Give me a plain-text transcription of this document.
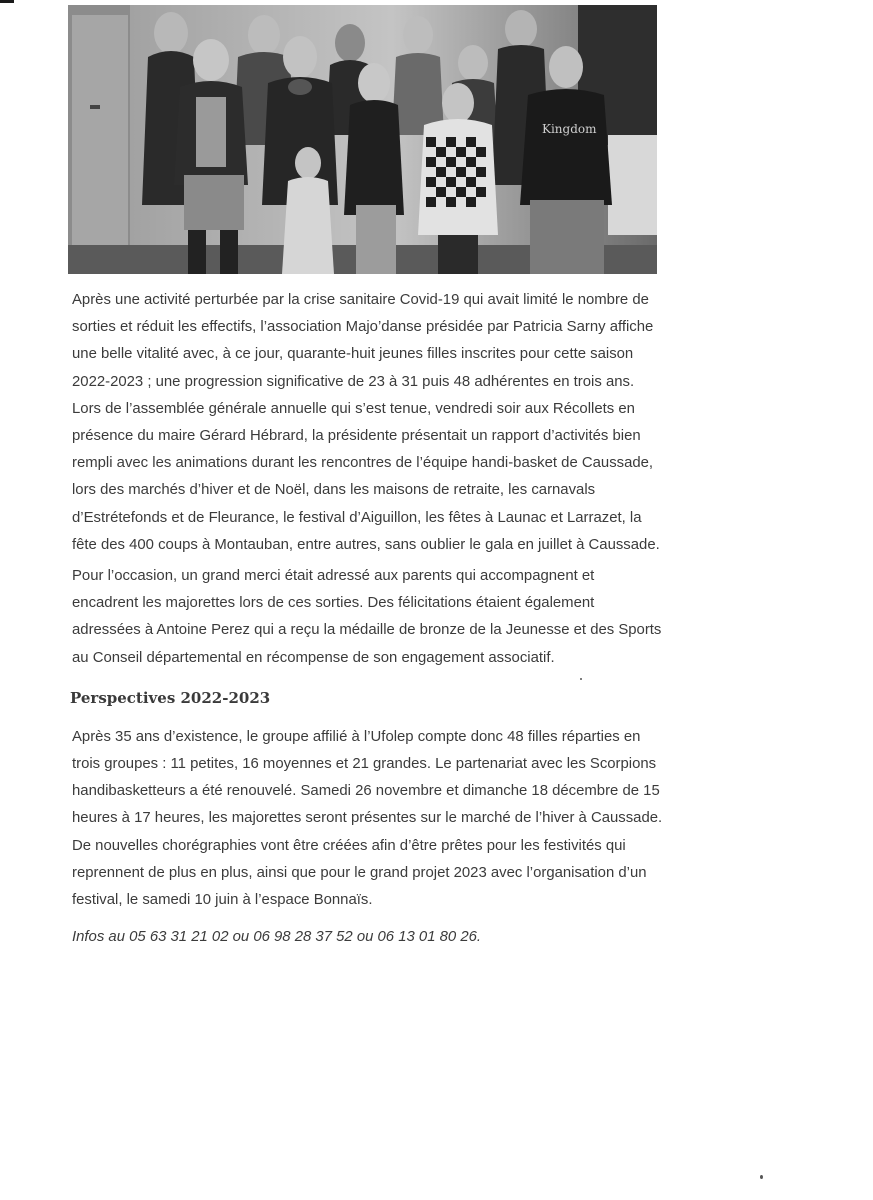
Kingdom

Après une activité perturbée par la crise sanitaire Covid-19 qui avait limité le nombre de
sorties et réduit les effectifs, l’association Majo’danse présidée par Patricia Sarny affiche
une belle vitalité avec, à ce jour, quarante-huit jeunes filles inscrites pour cette saison
2022-2023 ; une progression significative de 23 à 31 puis 48 adhérentes en trois ans.
Lors de l’assemblée générale annuelle qui s’est tenue, vendredi soir aux Récollets en
présence du maire Gérard Hébrard, la présidente présentait un rapport d’activités bien
rempli avec les animations durant les rencontres de l’équipe handi-basket de Caussade,
lors des marchés d’hiver et de Noël, dans les maisons de retraite, les carnavals
d’Estrétefonds et de Fleurance, le festival d’Aiguillon, les fêtes à Launac et Larrazet, la
fête des 400 coups à Montauban, entre autres, sans oublier le gala en juillet à Caussade.

Pour l’occasion, un grand merci était adressé aux parents qui accompagnent et
encadrent les majorettes lors de ces sorties. Des félicitations étaient également
adressées à Antoine Perez qui a reçu la médaille de bronze de la Jeunesse et des Sports
au Conseil départemental en récompense de son engagement associatif.

Perspectives 2022-2023

Après 35 ans d’existence, le groupe affilié à l’Ufolep compte donc 48 filles réparties en
trois groupes : 11 petites, 16 moyennes et 21 grandes. Le partenariat avec les Scorpions
handibasketteurs a été renouvelé. Samedi 26 novembre et dimanche 18 décembre de 15
heures à 17 heures, les majorettes seront présentes sur le marché de l’hiver à Caussade.
De nouvelles chorégraphies vont être créées afin d’être prêtes pour les festivités qui
reprennent de plus en plus, ainsi que pour le grand projet 2023 avec l’organisation d’un
festival, le samedi 10 juin à l’espace Bonnaïs.

Infos au 05 63 31 21 02 ou 06 98 28 37 52 ou 06 13 01 80 26.
